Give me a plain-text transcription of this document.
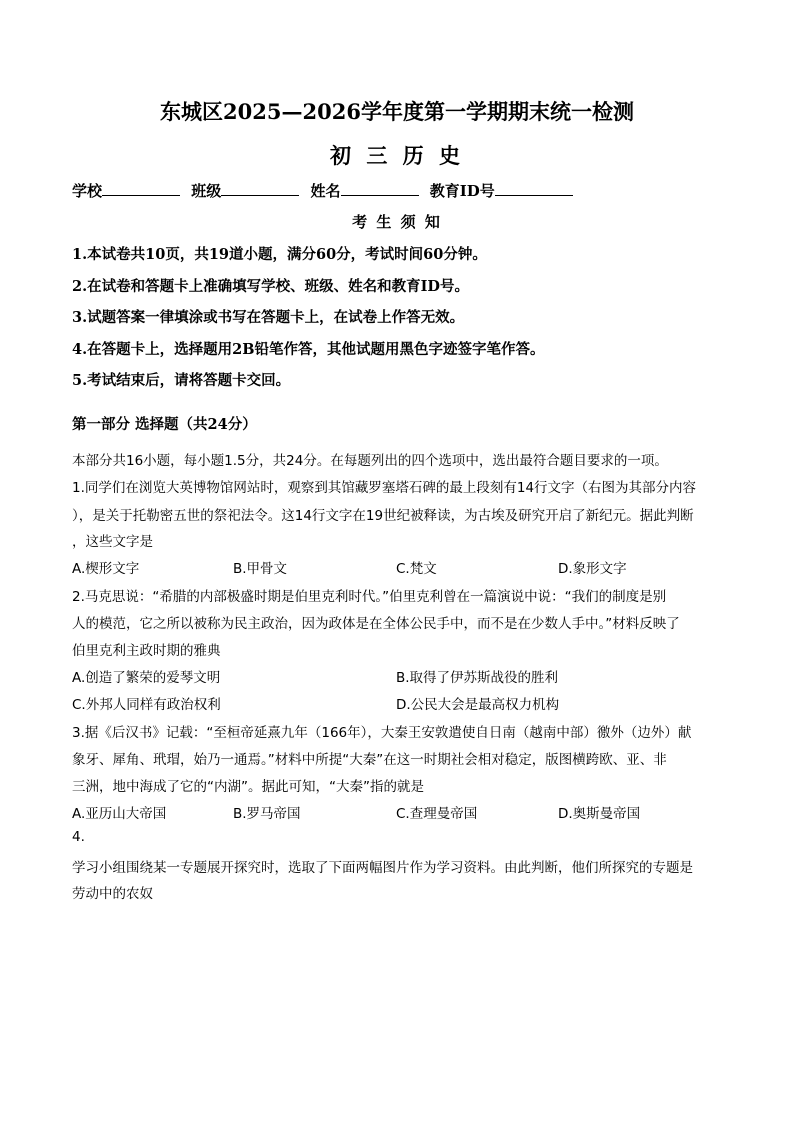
东城区2025—2026学年度第一学期期末统一检测
初 三 历 史
学校	班级	姓名	教育ID号
考 生 须 知
1.本试卷共10页，共19道小题，满分60分，考试时间60分钟。
2.在试卷和答题卡上准确填写学校、班级、姓名和教育ID号。
3.试题答案一律填涂或书写在答题卡上，在试卷上作答无效。
4.在答题卡上，选择题用2B铅笔作答，其他试题用黑色字迹签字笔作答。
5.考试结束后，请将答题卡交回。
第一部分 选择题（共24分）
本部分共16小题，每小题1.5分，共24分。在每题列出的四个选项中，选出最符合题目要求的一项。
1.同学们在浏览大英博物馆网站时，观察到其馆藏罗塞塔石碑的最上段刻有14行文字（右图为其部分内容
），是关于托勒密五世的祭祀法令。这14行文字在19世纪被释读，为古埃及研究开启了新纪元。据此判断
，这些文字是
A.楔形文字	B.甲骨文	C.梵文	D.象形文字
2.马克思说：“希腊的内部极盛时期是伯里克利时代。”伯里克利曾在一篇演说中说：“我们的制度是别
人的模范，它之所以被称为民主政治，因为政体是在全体公民手中，而不是在少数人手中。”材料反映了
伯里克利主政时期的雅典
A.创造了繁荣的爱琴文明	B.取得了伊苏斯战役的胜利
C.外邦人同样有政治权利	D.公民大会是最高权力机构
3.据《后汉书》记载：“至桓帝延熹九年（166年），大秦王安敦遣使自日南（越南中部）徼外（边外）献
象牙、犀角、玳瑁，始乃一通焉。”材料中所提“大秦”在这一时期社会相对稳定，版图横跨欧、亚、非
三洲，地中海成了它的“内湖”。据此可知，“大秦”指的就是
A.亚历山大帝国	B.罗马帝国	C.查理曼帝国	D.奥斯曼帝国
4.
学习小组围绕某一专题展开探究时，选取了下面两幅图片作为学习资料。由此判断，他们所探究的专题是
劳动中的农奴
